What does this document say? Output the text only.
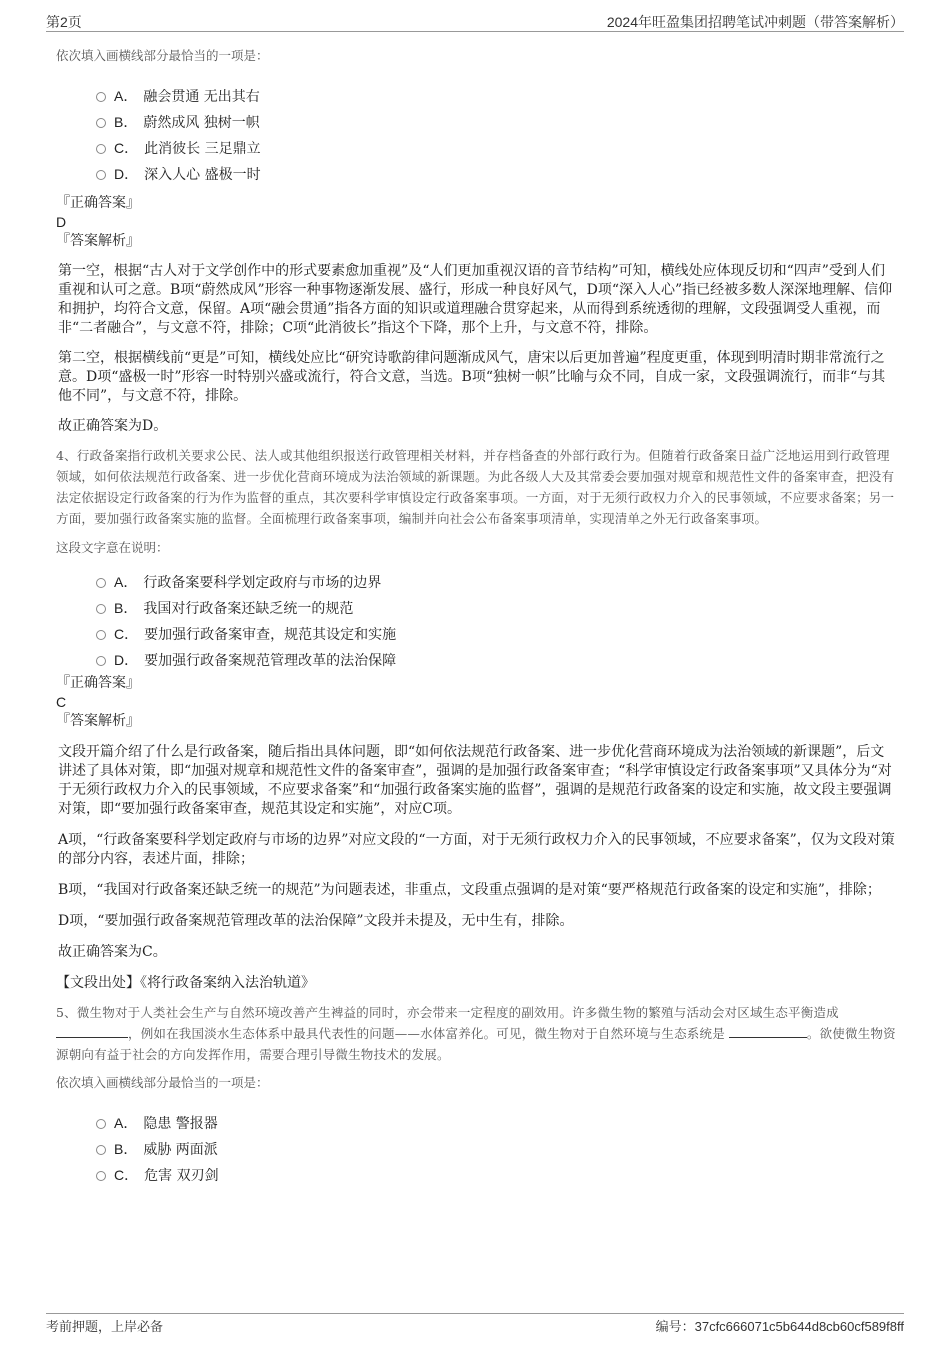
第2页	2024年旺盈集团招聘笔试冲刺题（带答案解析）
依次填入画横线部分最恰当的一项是：
A． 融会贯通 无出其右
B． 蔚然成风 独树一帜
C． 此消彼长 三足鼎立
D． 深入人心 盛极一时
『正确答案』
D
『答案解析』
第一空，根据“古人对于文学创作中的形式要素愈加重视”及“人们更加重视汉语的音节结构”可知，横线处应体现反切和“四声”受到人们重视和认可之意。B项“蔚然成风”形容一种事物逐渐发展、盛行，形成一种良好风气，D项“深入人心”指已经被多数人深深地理解、信仰和拥护，均符合文意，保留。A项“融会贯通”指各方面的知识或道理融合贯穿起来，从而得到系统透彻的理解，文段强调受人重视，而非“二者融合”，与文意不符，排除；C项“此消彼长”指这个下降，那个上升，与文意不符，排除。
第二空，根据横线前“更是”可知，横线处应比“研究诗歌韵律问题渐成风气，唐宋以后更加普遍”程度更重，体现到明清时期非常流行之意。D项“盛极一时”形容一时特别兴盛或流行，符合文意，当选。B项“独树一帜”比喻与众不同，自成一家，文段强调流行，而非“与其他不同”，与文意不符，排除。
故正确答案为D。
4、行政备案指行政机关要求公民、法人或其他组织报送行政管理相关材料，并存档备查的外部行政行为。但随着行政备案日益广泛地运用到行政管理领域，如何依法规范行政备案、进一步优化营商环境成为法治领域的新课题。为此各级人大及其常委会要加强对规章和规范性文件的备案审查，把没有法定依据设定行政备案的行为作为监督的重点，其次要科学审慎设定行政备案事项。一方面，对于无须行政权力介入的民事领域，不应要求备案；另一方面，要加强行政备案实施的监督。全面梳理行政备案事项，编制并向社会公布备案事项清单，实现清单之外无行政备案事项。
这段文字意在说明：
A． 行政备案要科学划定政府与市场的边界
B． 我国对行政备案还缺乏统一的规范
C． 要加强行政备案审查，规范其设定和实施
D． 要加强行政备案规范管理改革的法治保障
『正确答案』
C
『答案解析』
文段开篇介绍了什么是行政备案，随后指出具体问题，即“如何依法规范行政备案、进一步优化营商环境成为法治领域的新课题”，后文讲述了具体对策，即“加强对规章和规范性文件的备案审查”，强调的是加强行政备案审查；“科学审慎设定行政备案事项”又具体分为“对于无须行政权力介入的民事领域，不应要求备案”和“加强行政备案实施的监督”，强调的是规范行政备案的设定和实施，故文段主要强调对策，即“要加强行政备案审查，规范其设定和实施”，对应C项。
A项，“行政备案要科学划定政府与市场的边界”对应文段的“一方面，对于无须行政权力介入的民事领域，不应要求备案”，仅为文段对策的部分内容，表述片面，排除；
B项，“我国对行政备案还缺乏统一的规范”为问题表述，非重点，文段重点强调的是对策“要严格规范行政备案的设定和实施”，排除；
D项，“要加强行政备案规范管理改革的法治保障”文段并未提及，无中生有，排除。
故正确答案为C。
【文段出处】《将行政备案纳入法治轨道》
5、微生物对于人类社会生产与自然环境改善产生裨益的同时，亦会带来一定程度的副效用。许多微生物的繁殖与活动会对区域生态平衡造成，例如在我国淡水生态体系中最具代表性的问题——水体富养化。可见，微生物对于自然环境与生态系统是	。欲使微生物资源朝向有益于社会的方向发挥作用，需要合理引导微生物技术的发展。
依次填入画横线部分最恰当的一项是：
A． 隐患 警报器
B． 威胁 两面派
C． 危害 双刃剑
考前押题，上岸必备	编号：37cfc666071c5b644d8cb60cf589f8ff
